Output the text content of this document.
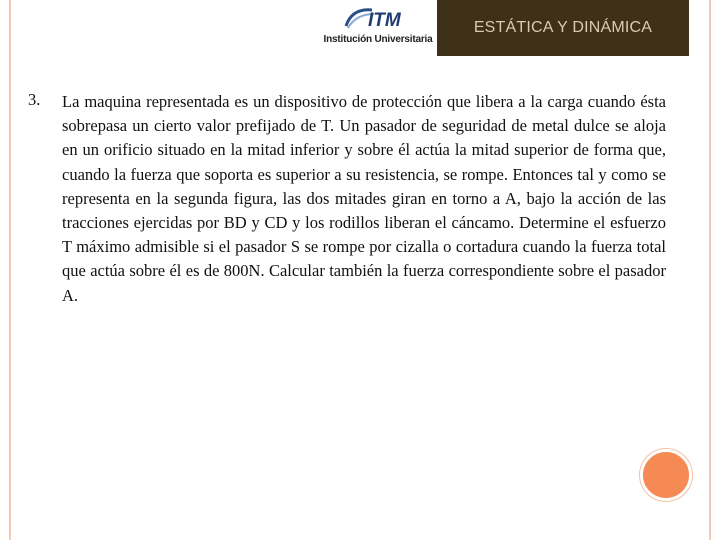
ITM
Institución Universitaria
ESTÁTICA Y DINÁMICA
3. La maquina representada es un dispositivo de protección que libera a la carga cuando ésta sobrepasa un cierto valor prefijado de T. Un pasador de seguridad de metal dulce se aloja en un orificio situado en la mitad inferior y sobre él actúa la mitad superior de forma que, cuando la fuerza que soporta es superior a su resistencia, se rompe. Entonces tal y como se representa en la segunda figura, las dos mitades giran en torno a A, bajo la acción de las tracciones ejercidas por BD y CD y los rodillos liberan el cáncamo. Determine el esfuerzo T máximo admisible si el pasador S se rompe por cizalla o cortadura cuando la fuerza total que actúa sobre él es de 800N. Calcular también la fuerza correspondiente sobre el pasador A.
